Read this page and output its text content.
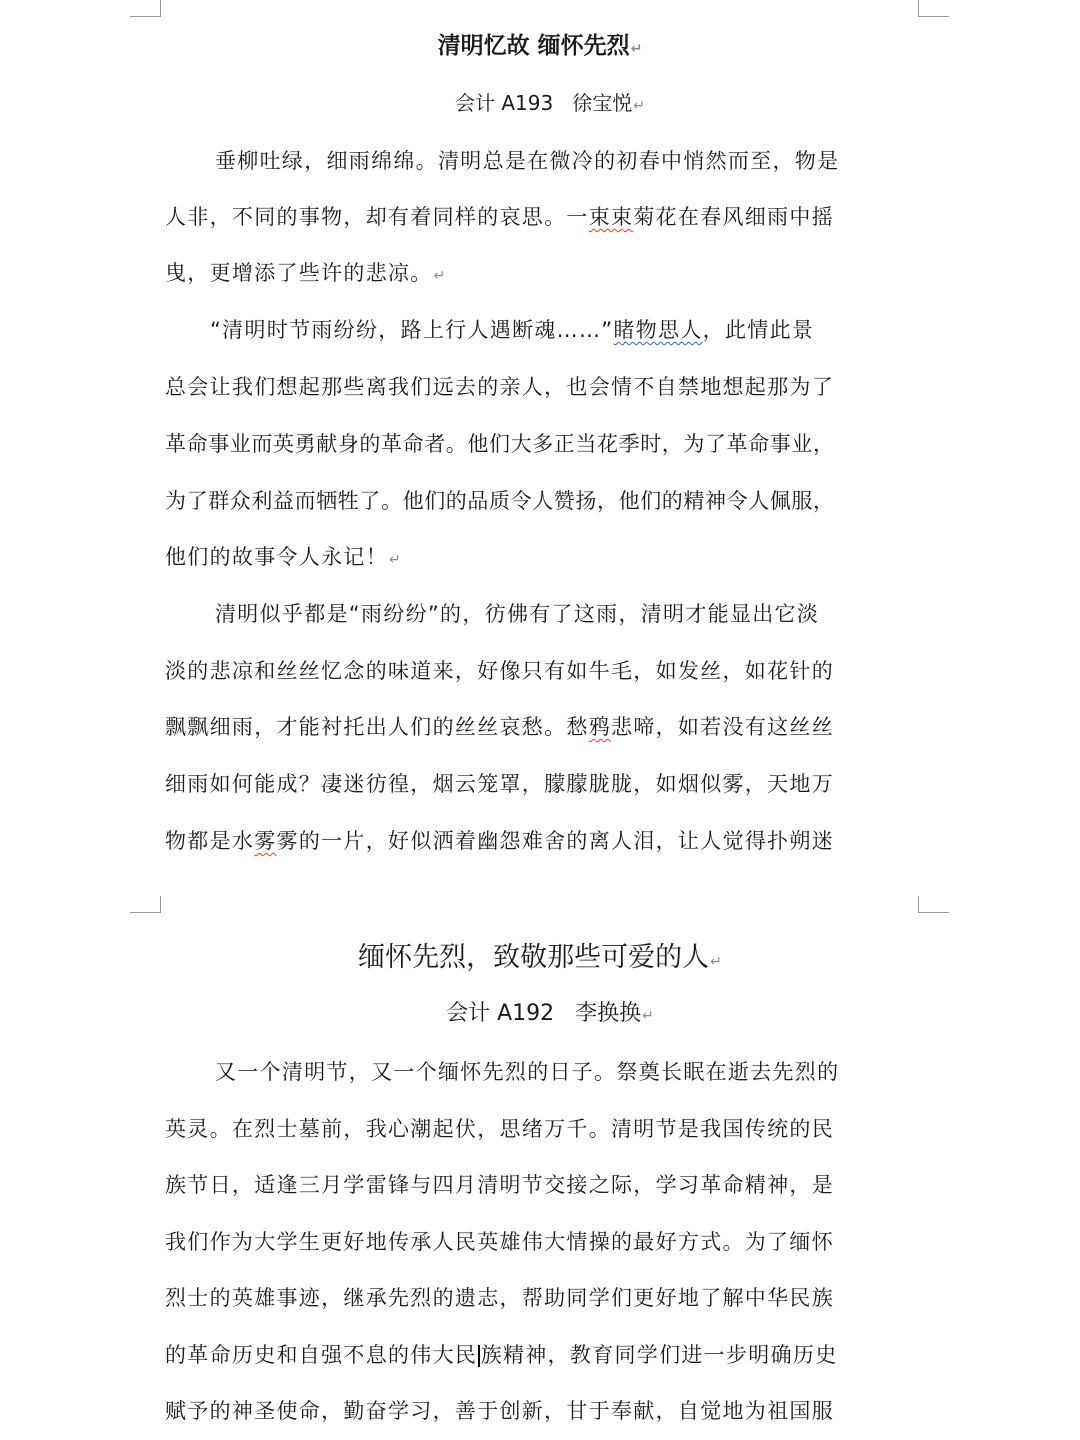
清明忆故 缅怀先烈↵
会计 A193   徐宝悦↵
垂柳吐绿，细雨绵绵。清明总是在微冷的初春中悄然而至，物是
人非，不同的事物，却有着同样的哀思。一束束菊花在春风细雨中摇
曳，更增添了些许的悲凉。↵
“清明时节雨纷纷，路上行人遇断魂……”睹物思人，此情此景
总会让我们想起那些离我们远去的亲人，也会情不自禁地想起那为了
革命事业而英勇献身的革命者。他们大多正当花季时，为了革命事业，
为了群众利益而牺牲了。他们的品质令人赞扬，他们的精神令人佩服，
他们的故事令人永记！↵
清明似乎都是“雨纷纷”的，彷佛有了这雨，清明才能显出它淡
淡的悲凉和丝丝忆念的味道来，好像只有如牛毛，如发丝，如花针的
飘飘细雨，才能衬托出人们的丝丝哀愁。愁鸦悲啼，如若没有这丝丝
细雨如何能成？凄迷彷徨，烟云笼罩，朦朦胧胧，如烟似雾，天地万
物都是水雾雾的一片，好似洒着幽怨难舍的离人泪，让人觉得扑朔迷
缅怀先烈，致敬那些可爱的人↵
会计 A192   李换换↵
又一个清明节，又一个缅怀先烈的日子。祭奠长眠在逝去先烈的
英灵。在烈士墓前，我心潮起伏，思绪万千。清明节是我国传统的民
族节日，适逢三月学雷锋与四月清明节交接之际，学习革命精神，是
我们作为大学生更好地传承人民英雄伟大情操的最好方式。为了缅怀
烈士的英雄事迹，继承先烈的遗志，帮助同学们更好地了解中华民族
的革命历史和自强不息的伟大民 族精神，教育同学们进一步明确历史
赋予的神圣使命，勤奋学习，善于创新，甘于奉献，自觉地为祖国服
